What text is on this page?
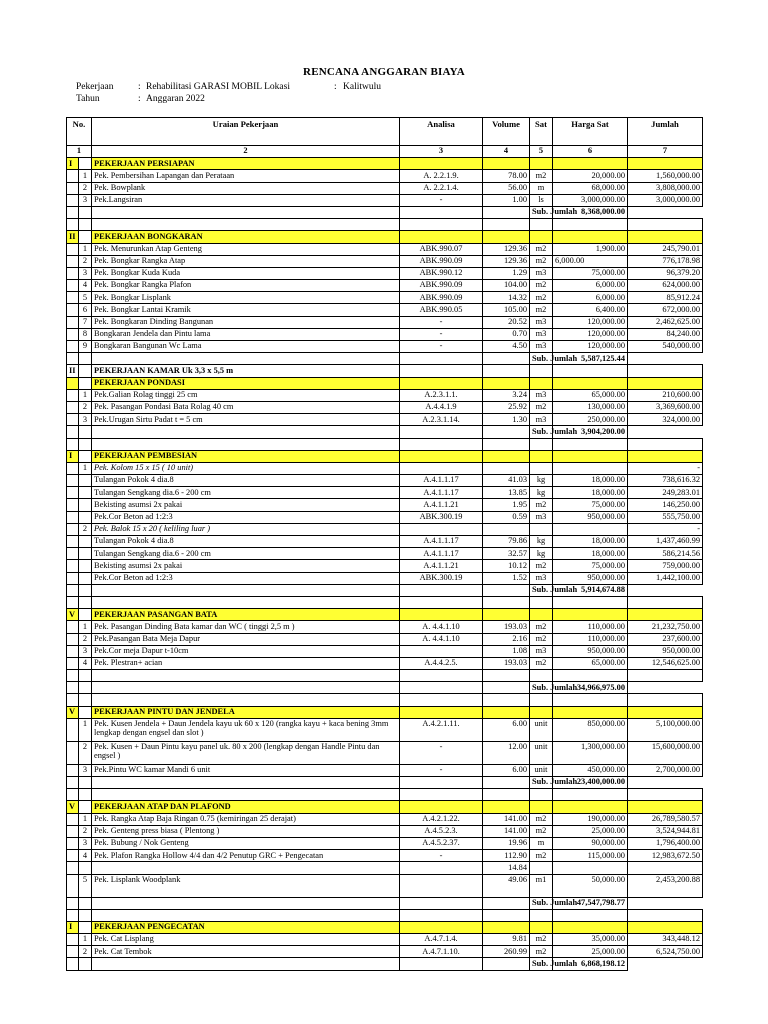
RENCANA ANGGARAN BIAYA
Pekerjaan	: Rehabilitasi GARASI MOBIL Lokasi	: Kalitwulu
Tahun	: Anggaran 2022
No.		Uraian Pekerjaan	Analisa	Volume	Sat	Harga Sat	Jumlah
1		2	3	4	5	6	7
I		PEKERJAAN PERSIAPAN					
	1	Pek. Pembersihan Lapangan dan Perataan	A. 2.2.1.9.	78.00	m2	20,000.00	1,560,000.00
	2	Pek. Bowplank	A. 2.2.1.4.	56.00	m	68,000.00	3,808,000.00
	3	Pek.Langsiran	-	1.00	ls	3,000,000.00	3,000,000.00
					Sub. Jumlah	8,368,000.00	

II		PEKERJAAN BONGKARAN					
	1	Pek. Menurunkan Atap Genteng	ABK.990.07	129.36	m2	1,900.00	245,790.01
	2	Pek. Bongkar Rangka Atap	ABK.990.09	129.36	m2	6,000.00	776,178.98
	3	Pek. Bongkar Kuda Kuda	ABK.990.12	1.29	m3	75,000.00	96,379.20
	4	Pek. Bongkar Rangka Plafon	ABK.990.09	104.00	m2	6,000.00	624,000.00
	5	Pek. Bongkar Lisplank	ABK.990.09	14.32	m2	6,000.00	85,912.24
	6	Pek. Bongkar Lantai Kramik	ABK.990.05	105.00	m2	6,400.00	672,000.00
	7	Pek. Bongkaran Dinding Bangunan	-	20.52	m3	120,000.00	2,462,625.00
	8	Bongkaran Jendela dan Pintu lama	-	0.70	m3	120,000.00	84,240.00
	9	Bongkaran Bangunan Wc Lama	-	4.50	m3	120,000.00	540,000.00
					Sub. Jumlah	5,587,125.44	
II		PEKERJAAN KAMAR Uk 3,3 x 5,5 m					
		PEKERJAAN PONDASI					
	1	Pek.Galian Rolag tinggi 25 cm	A.2.3.1.1.	3.24	m3	65,000.00	210,600.00
	2	Pek. Pasangan Pondasi Bata Rolag 40 cm	A.4.4.1.9	25.92	m2	130,000.00	3,369,600.00
	3	Pek.Urugan Sirtu Padat t = 5 cm	A.2.3.1.14.	1.30	m3	250,000.00	324,000.00
					Sub. Jumlah	3,904,200.00	

I		PEKERJAAN PEMBESIAN					
	1	Pek. Kolom 15 x 15 ( 10 unit)					-
		Tulangan Pokok 4 dia.8	A.4.1.1.17	41.03	kg	18,000.00	738,616.32
		Tulangan Sengkang dia.6 - 200 cm	A.4.1.1.17	13.85	kg	18,000.00	249,283.01
		Bekisting asumsi 2x pakai	A.4.1.1.21	1.95	m2	75,000.00	146,250.00
		Pek.Cor Beton ad 1:2:3	ABK.300.19	0.59	m3	950,000.00	555,750.00
	2	Pek. Balok 15 x 20 ( keliling luar )					-
		Tulangan Pokok 4 dia.8	A.4.1.1.17	79.86	kg	18,000.00	1,437,460.99
		Tulangan Sengkang dia.6 - 200 cm	A.4.1.1.17	32.57	kg	18,000.00	586,214.56
		Bekisting asumsi 2x pakai	A.4.1.1.21	10.12	m2	75,000.00	759,000.00
		Pek.Cor Beton ad 1:2:3	ABK.300.19	1.52	m3	950,000.00	1,442,100.00
					Sub. Jumlah	5,914,674.88	

V		PEKERJAAN PASANGAN BATA					
	1	Pek. Pasangan Dinding Bata kamar dan WC ( tinggi 2,5 m )	A. 4.4.1.10	193.03	m2	110,000.00	21,232,750.00
	2	Pek.Pasangan Bata Meja Dapur	A. 4.4.1.10	2.16	m2	110,000.00	237,600.00
	3	Pek.Cor meja Dapur t-10cm		1.08	m3	950,000.00	950,000.00
	4	Pek. Plestran+ acian	A.4.4.2.5.	193.03	m2	65,000.00	12,546,625.00

					Sub. Jumlah	34,966,975.00	

V		PEKERJAAN PINTU DAN JENDELA					
	1	Pek. Kusen Jendela + Daun Jendela kayu uk 60 x 120 (rangka kayu + kaca bening 3mm lengkap dengan engsel dan slot )	A.4.2.1.11.	6.00	unit	850,000.00	5,100,000.00
	2	Pek. Kusen + Daun Pintu kayu panel uk. 80 x 200 (lengkap dengan Handle Pintu dan engsel )	-	12.00	unit	1,300,000.00	15,600,000.00
	3	Pek.Pintu WC kamar Mandi 6 unit	-	6.00	unit	450,000.00	2,700,000.00
					Sub. Jumlah	23,400,000.00	

V		PEKERJAAN ATAP DAN PLAFOND					
	1	Pek. Rangka Atap Baja Ringan 0.75 (kemiringan 25 derajat)	A.4.2.1.22.	141.00	m2	190,000.00	26,789,580.57
	2	Pek. Genteng press biasa ( Plentong )	A.4.5.2.3.	141.00	m2	25,000.00	3,524,944.81
	3	Pek. Bubung / Nok Genteng	A.4.5.2.37.	19.96	m	90,000.00	1,796,400.00
	4	Pek. Plafon Rangka Hollow 4/4 dan 4/2 Penutup GRC + Pengecatan	-	112.90	m2	115,000.00	12,983,672.50
				14.84			
	5	Pek. Lisplank Woodplank		49.06	m1	50,000.00	2,453,200.88
					Sub. Jumlah	47,547,798.77	

I		PEKERJAAN PENGECATAN					
	1	Pek. Cat Lisplang	A.4.7.1.4.	9.81	m2	35,000.00	343,448.12
	2	Pek. Cat Tembok	A.4.7.1.10.	260.99	m2	25,000.00	6,524,750.00
					Sub. Jumlah	6,868,198.12	
